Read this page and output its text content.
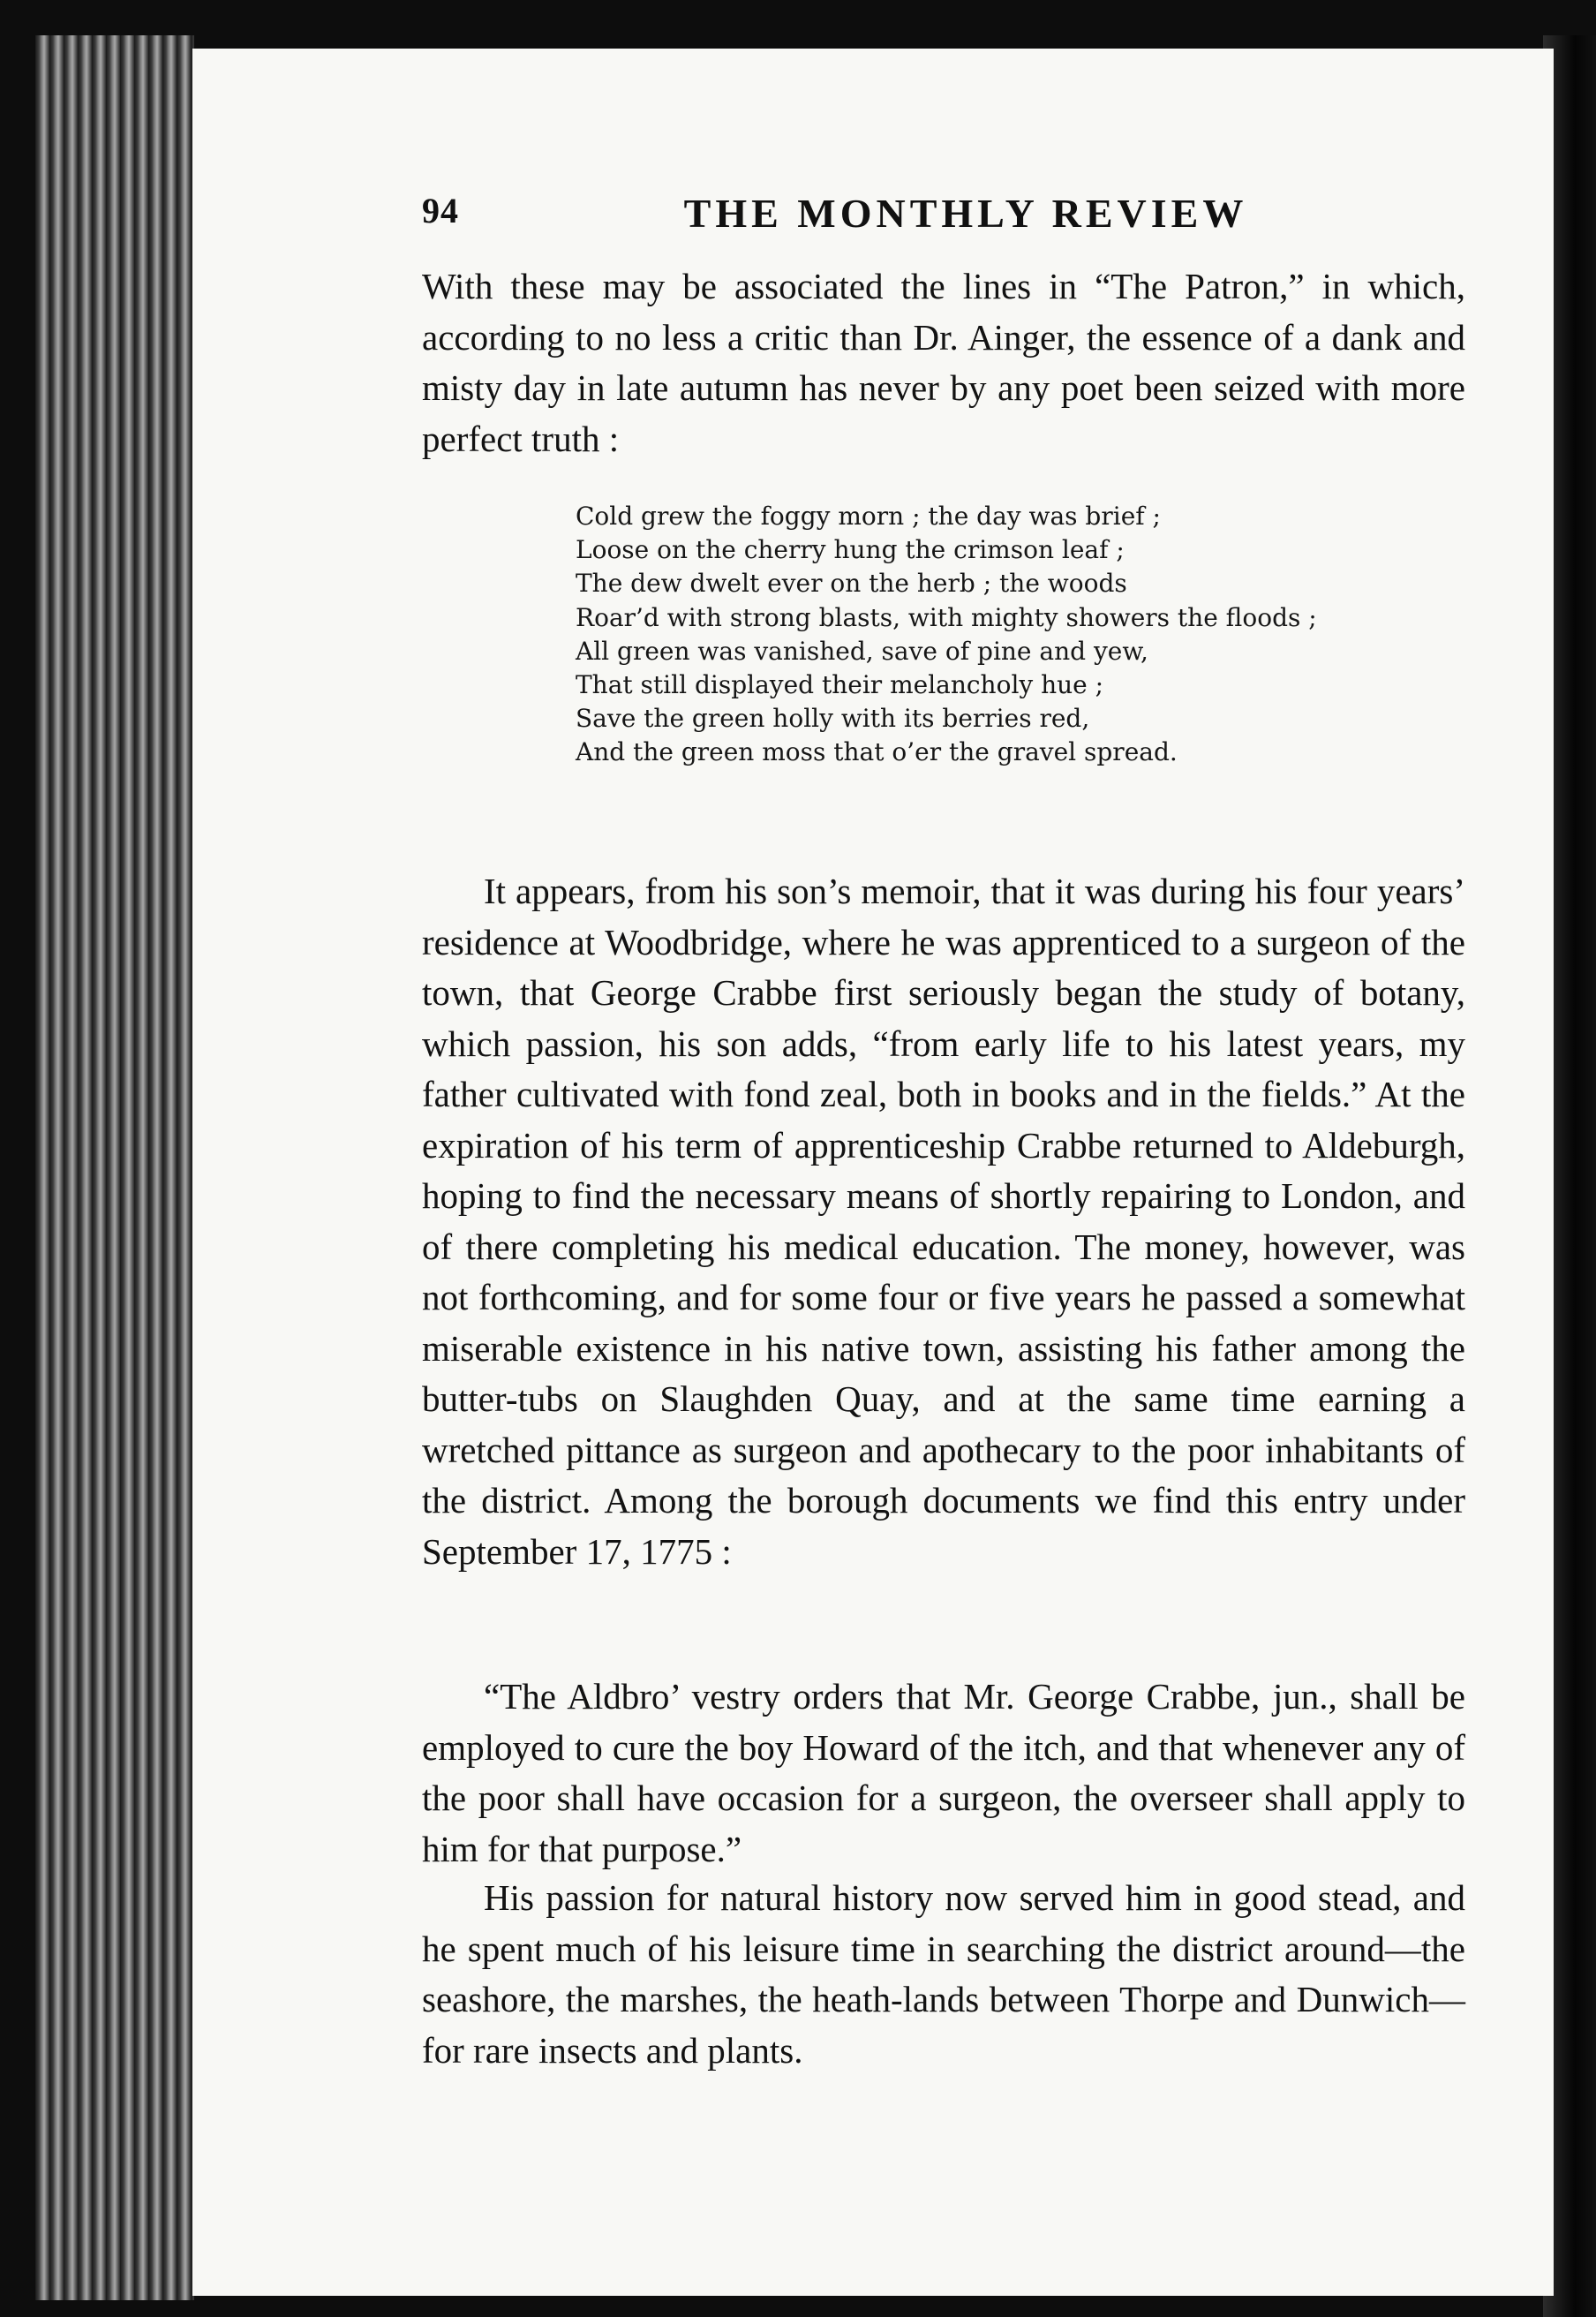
94	THE MONTHLY REVIEW

With these may be associated the lines in “The Patron,” in which, according to no less a critic than Dr. Ainger, the essence of a dank and misty day in late autumn has never by any poet been seized with more perfect truth :

Cold grew the foggy morn ; the day was brief ;
Loose on the cherry hung the crimson leaf ;
The dew dwelt ever on the herb ; the woods
Roar’d with strong blasts, with mighty showers the floods ;
All green was vanished, save of pine and yew,
That still displayed their melancholy hue ;
Save the green holly with its berries red,
And the green moss that o’er the gravel spread.

It appears, from his son’s memoir, that it was during his four years’ residence at Woodbridge, where he was apprenticed to a surgeon of the town, that George Crabbe first seriously began the study of botany, which passion, his son adds, “from early life to his latest years, my father cultivated with fond zeal, both in books and in the fields.” At the expiration of his term of apprenticeship Crabbe returned to Aldeburgh, hoping to find the necessary means of shortly repairing to London, and of there completing his medical education. The money, however, was not forthcoming, and for some four or five years he passed a somewhat miserable existence in his native town, assisting his father among the butter-tubs on Slaughden Quay, and at the same time earning a wretched pittance as surgeon and apothecary to the poor inhabitants of the district. Among the borough documents we find this entry under September 17, 1775 :

“The Aldbro’ vestry orders that Mr. George Crabbe, jun., shall be employed to cure the boy Howard of the itch, and that whenever any of the poor shall have occasion for a surgeon, the overseer shall apply to him for that purpose.”

His passion for natural history now served him in good stead, and he spent much of his leisure time in searching the district around—the seashore, the marshes, the heath-lands between Thorpe and Dunwich—for rare insects and plants.
